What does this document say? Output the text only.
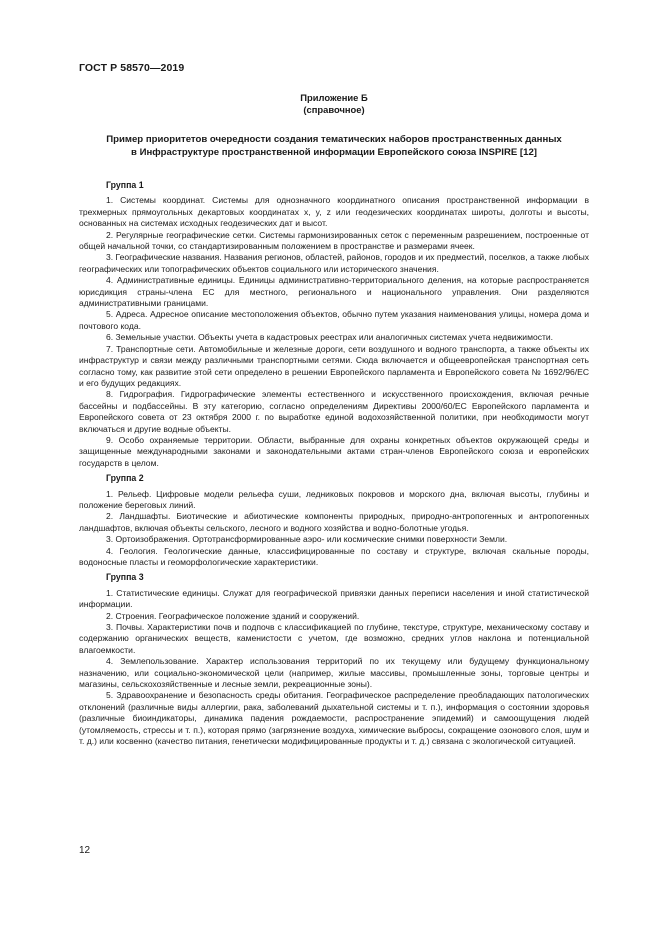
ГОСТ Р 58570—2019
Приложение Б
(справочное)
Пример приоритетов очередности создания тематических наборов пространственных данных
в Инфраструктуре пространственной информации Европейского союза INSPIRE [12]
Группа 1

1. Системы координат. Системы для однозначного координатного описания пространственной информации в трехмерных прямоугольных декартовых координатах x, y, z или геодезических координатах широты, долготы и высоты, основанных на системах исходных геодезических дат и высот.

2. Регулярные географические сетки. Системы гармонизированных сеток с переменным разрешением, построенные от общей начальной точки, со стандартизированным положением в пространстве и размерами ячеек.

3. Географические названия. Названия регионов, областей, районов, городов и их предместий, поселков, а также любых географических или топографических объектов социального или исторического значения.

4. Административные единицы. Единицы административно-территориального деления, на которые распространяется юрисдикция страны-члена ЕС для местного, регионального и национального управления. Они разделяются административными границами.

5. Адреса. Адресное описание местоположения объектов, обычно путем указания наименования улицы, номера дома и почтового кода.

6. Земельные участки. Объекты учета в кадастровых реестрах или аналогичных системах учета недвижимости.

7. Транспортные сети. Автомобильные и железные дороги, сети воздушного и водного транспорта, а также объекты их инфраструктур и связи между различными транспортными сетями. Сюда включается и общеевропейская транспортная сеть согласно тому, как развитие этой сети определено в решении Европейского парламента и Европейского совета № 1692/96/ЕС и его будущих редакциях.

8. Гидрография. Гидрографические элементы естественного и искусственного происхождения, включая речные бассейны и подбассейны. В эту категорию, согласно определениям Директивы 2000/60/ЕС Европейского парламента и Европейского совета от 23 октября 2000 г. по выработке единой водохозяйственной политики, при необходимости могут включаться и другие водные объекты.

9. Особо охраняемые территории. Области, выбранные для охраны конкретных объектов окружающей среды и защищенные международными законами и законодательными актами стран-членов Европейского союза и европейских государств в целом.

Группа 2

1. Рельеф. Цифровые модели рельефа суши, ледниковых покровов и морского дна, включая высоты, глубины и положение береговых линий.

2. Ландшафты. Биотические и абиотические компоненты природных, природно-антропогенных и антропогенных ландшафтов, включая объекты сельского, лесного и водного хозяйства и водно-болотные угодья.

3. Ортоизображения. Ортотрансформированные аэро- или космические снимки поверхности Земли.

4. Геология. Геологические данные, классифицированные по составу и структуре, включая скальные породы, водоносные пласты и геоморфологические характеристики.

Группа 3

1. Статистические единицы. Служат для географической привязки данных переписи населения и иной статистической информации.

2. Строения. Географическое положение зданий и сооружений.

3. Почвы. Характеристики почв и подпочв с классификацией по глубине, текстуре, структуре, механическому составу и содержанию органических веществ, каменистости с учетом, где возможно, средних углов наклона и потенциальной влагоемкости.

4. Землепользование. Характер использования территорий по их текущему или будущему функциональному назначению, или социально-экономической цели (например, жилые массивы, промышленные зоны, торговые центры и магазины, сельскохозяйственные и лесные земли, рекреационные зоны).

5. Здравоохранение и безопасность среды обитания. Географическое распределение преобладающих патологических отклонений (различные виды аллергии, рака, заболеваний дыхательной системы и т. п.), информация о состоянии здоровья (различные биоиндикаторы, динамика падения рождаемости, распространение эпидемий) и самоощущения людей (утомляемость, стрессы и т. п.), которая прямо (загрязнение воздуха, химические выбросы, сокращение озонового слоя, шум и т. д.) или косвенно (качество питания, генетически модифицированные продукты и т. д.) связана с экологической ситуацией.

12
